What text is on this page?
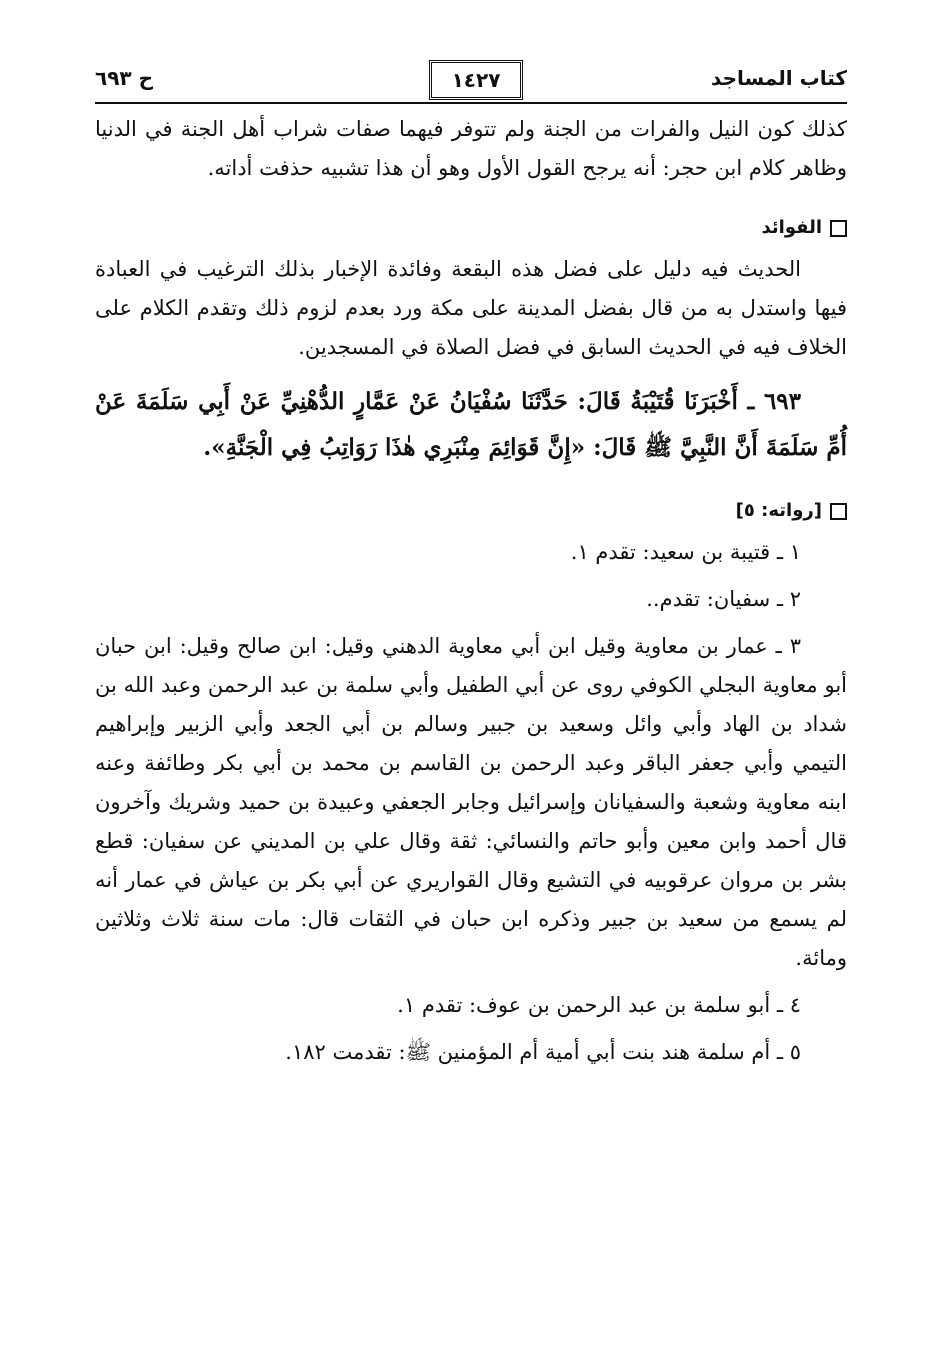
كتاب المساجد
١٤٢٧
ح ٦٩٣

كذلك كون النيل والفرات من الجنة ولم تتوفر فيهما صفات شراب أهل الجنة في الدنيا وظاهر كلام ابن حجر: أنه يرجح القول الأول وهو أن هذا تشبيه حذفت أداته.

الفوائد

الحديث فيه دليل على فضل هذه البقعة وفائدة الإخبار بذلك الترغيب في العبادة فيها واستدل به من قال بفضل المدينة على مكة ورد بعدم لزوم ذلك وتقدم الكلام على الخلاف فيه في الحديث السابق في فضل الصلاة في المسجدين.

٦٩٣ ـ أَخْبَرَنَا قُتَيْبَةُ قَالَ: حَدَّثَنَا سُفْيَانُ عَنْ عَمَّارٍ الدُّهْنِيِّ عَنْ أَبِي سَلَمَةَ عَنْ أُمِّ سَلَمَةَ أَنَّ النَّبِيَّ ﷺ قَالَ: «إِنَّ قَوَائِمَ مِنْبَرِي هٰذَا رَوَاتِبُ فِي الْجَنَّةِ».

[رواته: ٥]

١ ـ قتيبة بن سعيد: تقدم ١.

٢ ـ سفيان: تقدم..

٣ ـ عمار بن معاوية وقيل ابن أبي معاوية الدهني وقيل: ابن صالح وقيل: ابن حبان أبو معاوية البجلي الكوفي روى عن أبي الطفيل وأبي سلمة بن عبد الرحمن وعبد الله بن شداد بن الهاد وأبي وائل وسعيد بن جبير وسالم بن أبي الجعد وأبي الزبير وإبراهيم التيمي وأبي جعفر الباقر وعبد الرحمن بن القاسم بن محمد بن أبي بكر وطائفة وعنه ابنه معاوية وشعبة والسفيانان وإسرائيل وجابر الجعفي وعبيدة بن حميد وشريك وآخرون قال أحمد وابن معين وأبو حاتم والنسائي: ثقة وقال علي بن المديني عن سفيان: قطع بشر بن مروان عرقوبيه في التشيع وقال القواريري عن أبي بكر بن عياش في عمار أنه لم يسمع من سعيد بن جبير وذكره ابن حبان في الثقات قال: مات سنة ثلاث وثلاثين ومائة.

٤ ـ أبو سلمة بن عبد الرحمن بن عوف: تقدم ١.

٥ ـ أم سلمة هند بنت أبي أمية أم المؤمنين ﷺ: تقدمت ١٨٢.
